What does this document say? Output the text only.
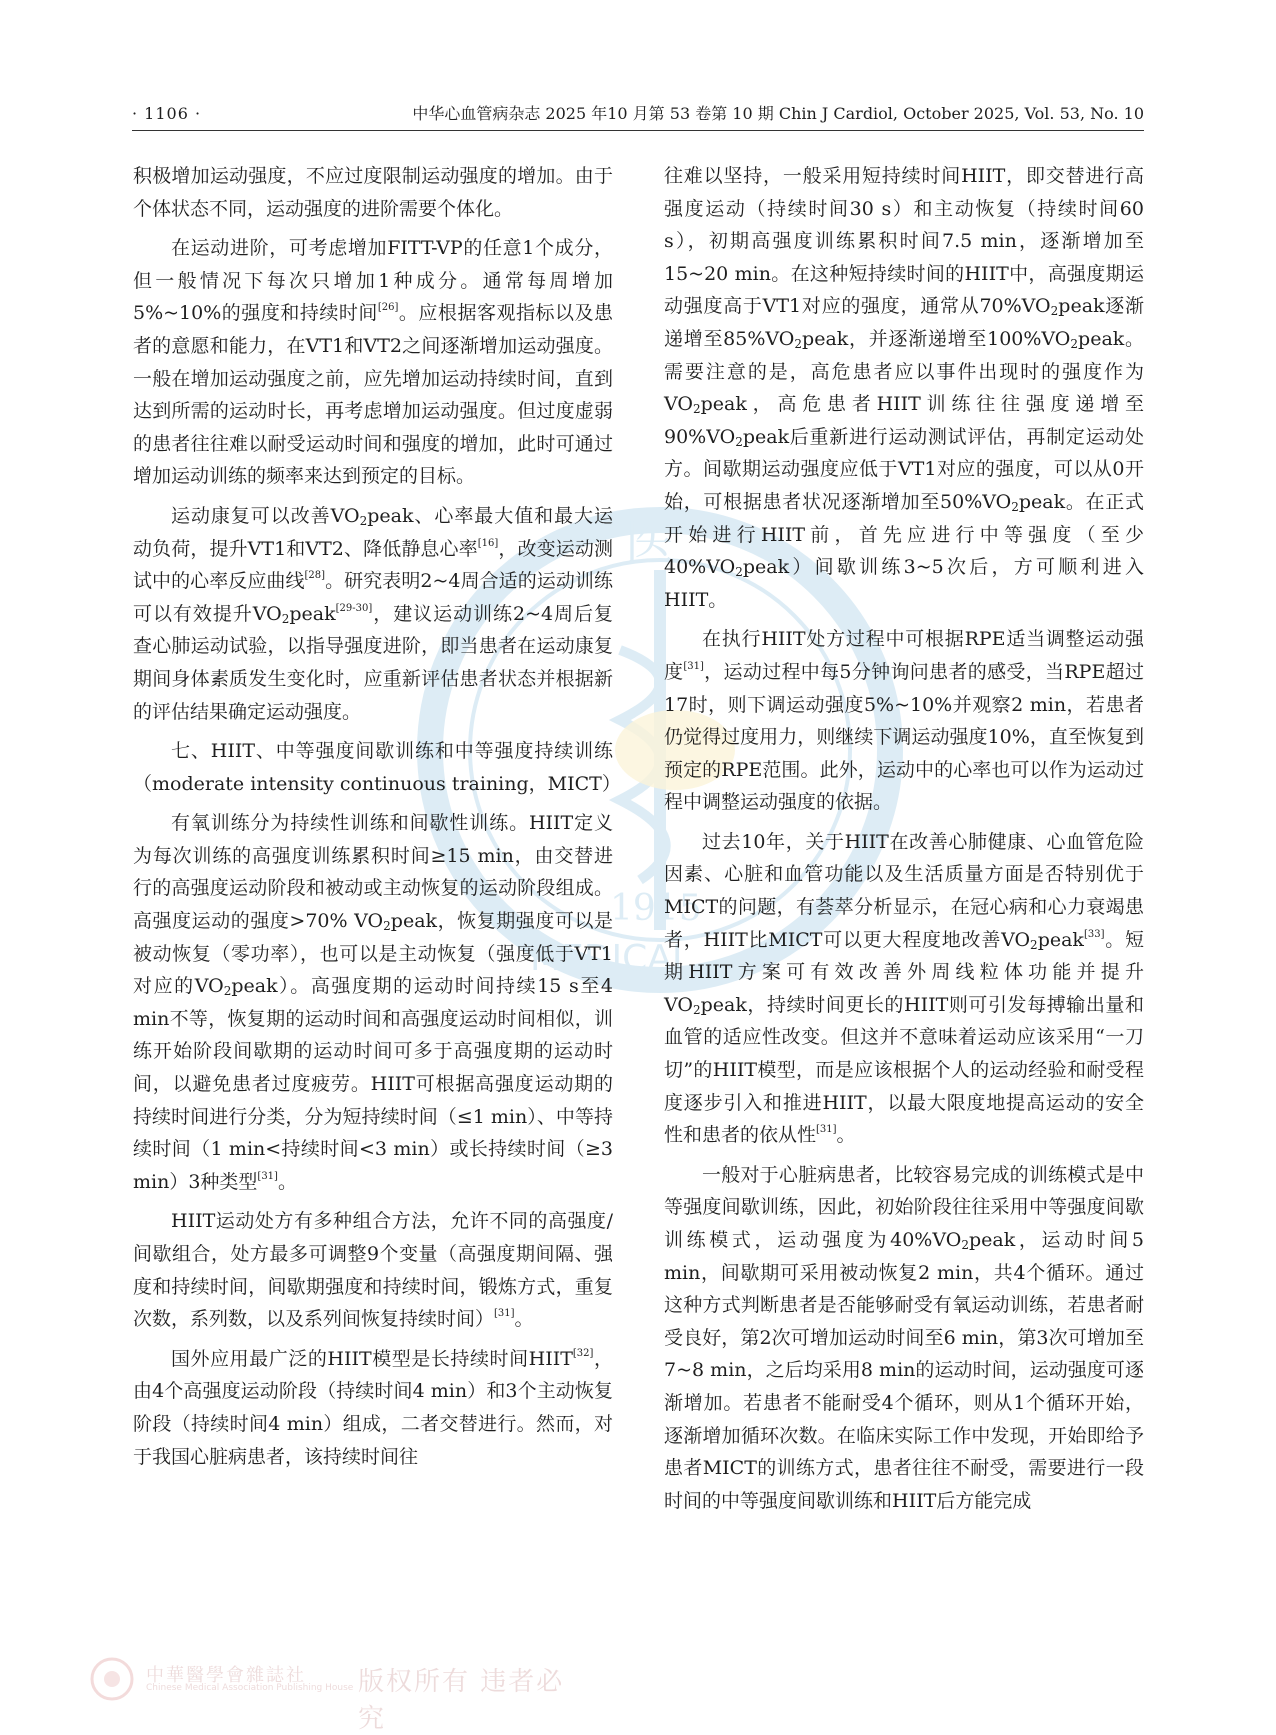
医
1915
MEDICAL
· 1106 ·	中华心血管病杂志 2025 年10 月第 53 卷第 10 期 Chin J Cardiol, October 2025, Vol. 53, No. 10

积极增加运动强度，不应过度限制运动强度的增加。由于个体状态不同，运动强度的进阶需要个体化。

在运动进阶，可考虑增加FITT-VP的任意1个成分，但一般情况下每次只增加1种成分。通常每周增加5%~10%的强度和持续时间[26]。应根据客观指标以及患者的意愿和能力，在VT1和VT2之间逐渐增加运动强度。一般在增加运动强度之前，应先增加运动持续时间，直到达到所需的运动时长，再考虑增加运动强度。但过度虚弱的患者往往难以耐受运动时间和强度的增加，此时可通过增加运动训练的频率来达到预定的目标。

运动康复可以改善$VO_2peak$、心率最大值和最大运动负荷，提升VT1和VT2、降低静息心率[16]，改变运动测试中的心率反应曲线[28]。研究表明2~4周合适的运动训练可以有效提升$VO_2peak[29-30]$，建议运动训练2~4周后复查心肺运动试验，以指导强度进阶，即当患者在运动康复期间身体素质发生变化时，应重新评估患者状态并根据新的评估结果确定运动强度。

七、HIIT、中等强度间歇训练和中等强度持续训练（moderate intensity continuous training，MICT）

有氧训练分为持续性训练和间歇性训练。HIIT定义为每次训练的高强度训练累积时间≥15 min，由交替进行的高强度运动阶段和被动或主动恢复的运动阶段组成。高强度运动的强度>70% $VO_2peak$，恢复期强度可以是被动恢复（零功率），也可以是主动恢复（强度低于VT1对应的$VO_2peak$）。高强度期的运动时间持续15 s至4 min不等，恢复期的运动时间和高强度运动时间相似，训练开始阶段间歇期的运动时间可多于高强度期的运动时间，以避免患者过度疲劳。HIIT可根据高强度运动期的持续时间进行分类，分为短持续时间（≤1 min）、中等持续时间（1 min<持续时间<3 min）或长持续时间（≥3 min）3种类型[31]。

HIIT运动处方有多种组合方法，允许不同的高强度/间歇组合，处方最多可调整9个变量（高强度期间隔、强度和持续时间，间歇期强度和持续时间，锻炼方式，重复次数，系列数，以及系列间恢复持续时间）[31]。

国外应用最广泛的HIIT模型是长持续时间HIIT[32]，由4个高强度运动阶段（持续时间4 min）和3个主动恢复阶段（持续时间4 min）组成，二者交替进行。然而，对于我国心脏病患者，该持续时间往

往难以坚持，一般采用短持续时间HIIT，即交替进行高强度运动（持续时间30 s）和主动恢复（持续时间60 s），初期高强度训练累积时间7.5 min，逐渐增加至15~20 min。在这种短持续时间的HIIT中，高强度期运动强度高于VT1对应的强度，通常从$70\%VO_2peak$逐渐递增至$85\%VO_2peak$，并逐渐递增至$100\%VO_2peak$。需要注意的是，高危患者应以事件出现时的强度作为$VO_2peak$，高危患者HIIT训练往往强度递增至$90\%VO_2peak$后重新进行运动测试评估，再制定运动处方。间歇期运动强度应低于VT1对应的强度，可以从0开始，可根据患者状况逐渐增加至$50\%VO_2peak$。在正式开始进行HIIT前，首先应进行中等强度（至少$40\%VO_2peak$）间歇训练3~5次后，方可顺利进入HIIT。

在执行HIIT处方过程中可根据RPE适当调整运动强度[31]，运动过程中每5分钟询问患者的感受，当RPE超过17时，则下调运动强度5%~10%并观察2 min，若患者仍觉得过度用力，则继续下调运动强度10%，直至恢复到预定的RPE范围。此外，运动中的心率也可以作为运动过程中调整运动强度的依据。

过去10年，关于HIIT在改善心肺健康、心血管危险因素、心脏和血管功能以及生活质量方面是否特别优于MICT的问题，有荟萃分析显示，在冠心病和心力衰竭患者，HIIT比MICT可以更大程度地改善$VO_2peak[33]$。短期HIIT方案可有效改善外周线粒体功能并提升$VO_2peak$，持续时间更长的HIIT则可引发每搏输出量和血管的适应性改变。但这并不意味着运动应该采用“一刀切”的HIIT模型，而是应该根据个人的运动经验和耐受程度逐步引入和推进HIIT，以最大限度地提高运动的安全性和患者的依从性[31]。

一般对于心脏病患者，比较容易完成的训练模式是中等强度间歇训练，因此，初始阶段往往采用中等强度间歇训练模式，运动强度为$40\%VO_2peak$，运动时间5 min，间歇期可采用被动恢复2 min，共4个循环。通过这种方式判断患者是否能够耐受有氧运动训练，若患者耐受良好，第2次可增加运动时间至6 min，第3次可增加至7~8 min，之后均采用8 min的运动时间，运动强度可逐渐增加。若患者不能耐受4个循环，则从1个循环开始，逐渐增加循环次数。在临床实际工作中发现，开始即给予患者MICT的训练方式，患者往往不耐受，需要进行一段时间的中等强度间歇训练和HIIT后方能完成

中華醫學會雜誌社
Chinese Medical Association Publishing House 版权所有 违者必究
